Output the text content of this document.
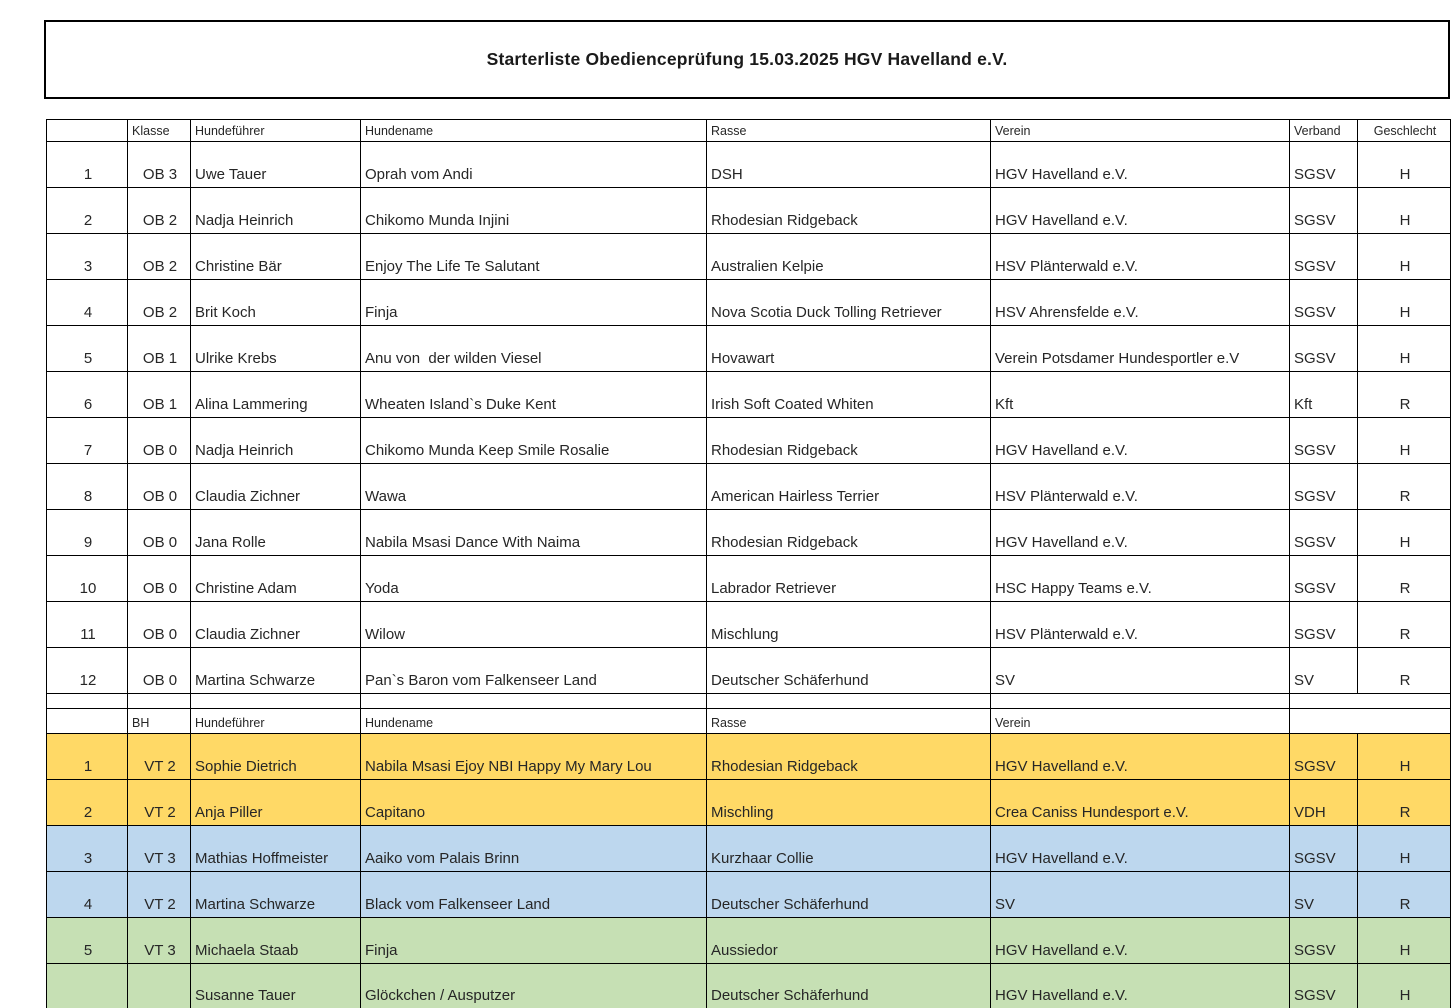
Starterliste Obedienceprüfung 15.03.2025 HGV Havelland e.V.
	Klasse	Hundeführer	Hundename	Rasse	Verein	Verband	Geschlecht
1	OB 3	Uwe Tauer	Oprah vom Andi	DSH	HGV Havelland e.V.	SGSV	H
2	OB 2	Nadja Heinrich	Chikomo Munda Injini	Rhodesian Ridgeback	HGV Havelland e.V.	SGSV	H
3	OB 2	Christine Bär	Enjoy The Life Te Salutant	Australien Kelpie	HSV Plänterwald e.V.	SGSV	H
4	OB 2	Brit Koch	Finja	Nova Scotia Duck Tolling Retriever	HSV Ahrensfelde e.V.	SGSV	H
5	OB 1	Ulrike Krebs	Anu von  der wilden Viesel	Hovawart	Verein Potsdamer Hundesportler e.V	SGSV	H
6	OB 1	Alina Lammering	Wheaten Island`s Duke Kent	Irish Soft Coated Whiten	Kft	Kft	R
7	OB 0	Nadja Heinrich	Chikomo Munda Keep Smile Rosalie	Rhodesian Ridgeback	HGV Havelland e.V.	SGSV	H
8	OB 0	Claudia Zichner	Wawa	American Hairless Terrier	HSV Plänterwald e.V.	SGSV	R
9	OB 0	Jana Rolle	Nabila Msasi Dance With Naima	Rhodesian Ridgeback	HGV Havelland e.V.	SGSV	H
10	OB 0	Christine Adam	Yoda	Labrador Retriever	HSC Happy Teams e.V.	SGSV	R
11	OB 0	Claudia Zichner	Wilow	Mischlung	HSV Plänterwald e.V.	SGSV	R
12	OB 0	Martina Schwarze	Pan`s Baron vom Falkenseer Land	Deutscher Schäferhund	SV	SV	R

	BH	Hundeführer	Hundename	Rasse	Verein		
1	VT 2	Sophie Dietrich	Nabila Msasi Ejoy NBI Happy My Mary Lou	Rhodesian Ridgeback	HGV Havelland e.V.	SGSV	H
2	VT 2	Anja Piller	Capitano	Mischling	Crea Caniss Hundesport e.V.	VDH	R
3	VT 3	Mathias Hoffmeister	Aaiko vom Palais Brinn	Kurzhaar Collie	HGV Havelland e.V.	SGSV	H
4	VT 2	Martina Schwarze	Black vom Falkenseer Land	Deutscher Schäferhund	SV	SV	R
5	VT 3	Michaela Staab	Finja	Aussiedor	HGV Havelland e.V.	SGSV	H
		Susanne Tauer	Glöckchen / Ausputzer	Deutscher Schäferhund	HGV Havelland e.V.	SGSV	H
